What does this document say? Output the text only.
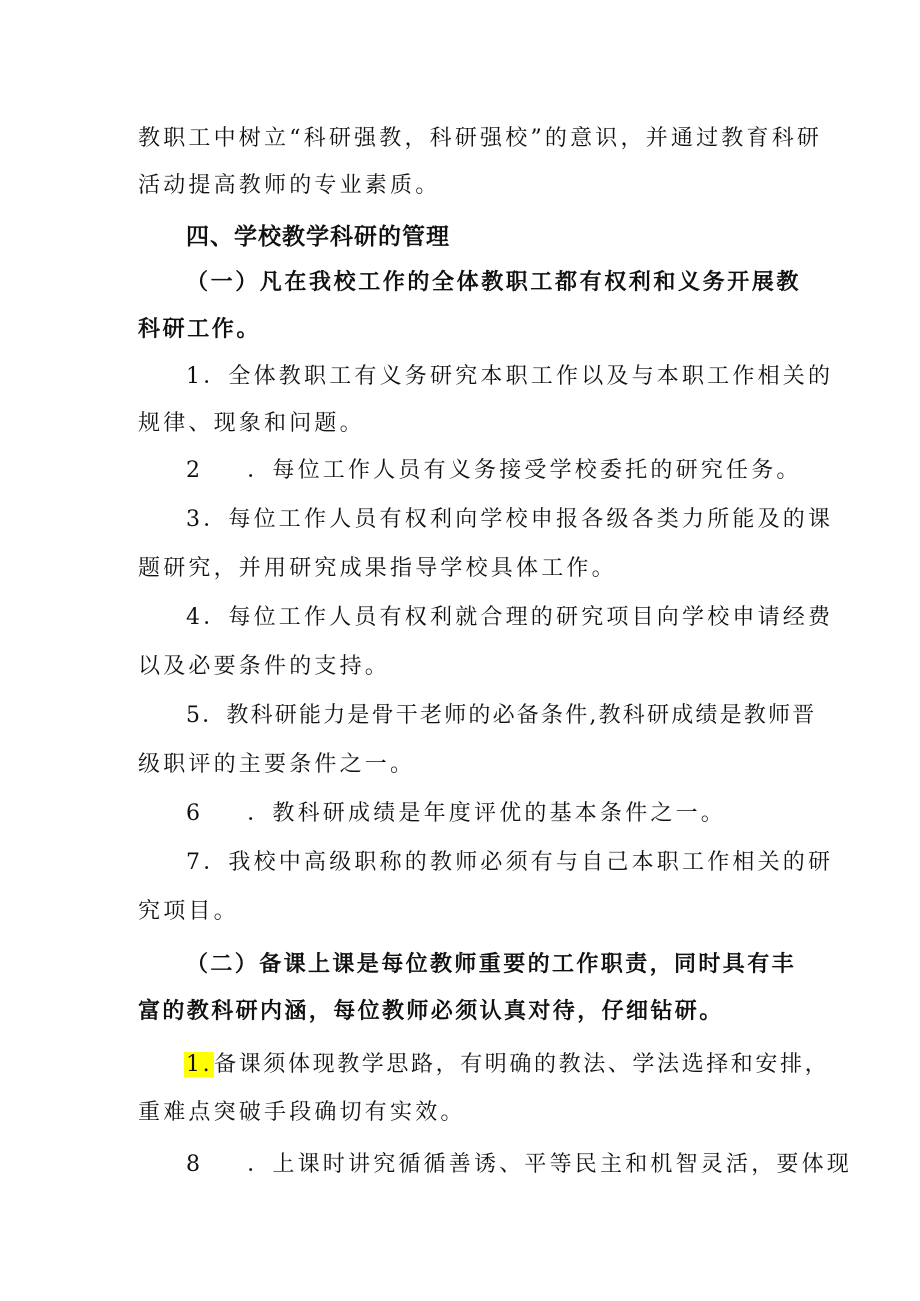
教职工中树立“科研强教，科研强校”的意识，并通过教育科研
活动提高教师的专业素质。
四、学校教学科研的管理
（一）凡在我校工作的全体教职工都有权利和义务开展教
科研工作。
1．全体教职工有义务研究本职工作以及与本职工作相关的
规律、现象和问题。
2 ．每位工作人员有义务接受学校委托的研究任务。
3．每位工作人员有权利向学校申报各级各类力所能及的课
题研究，并用研究成果指导学校具体工作。
4．每位工作人员有权利就合理的研究项目向学校申请经费
以及必要条件的支持。
5．教科研能力是骨干老师的必备条件,教科研成绩是教师晋
级职评的主要条件之一。
6 ．教科研成绩是年度评优的基本条件之一。
7．我校中高级职称的教师必须有与自己本职工作相关的研
究项目。
（二）备课上课是每位教师重要的工作职责，同时具有丰
富的教科研内涵，每位教师必须认真对待，仔细钻研。
1.备课须体现教学思路，有明确的教法、学法选择和安排，
重难点突破手段确切有实效。
8 ．上课时讲究循循善诱、平等民主和机智灵活，要体现
